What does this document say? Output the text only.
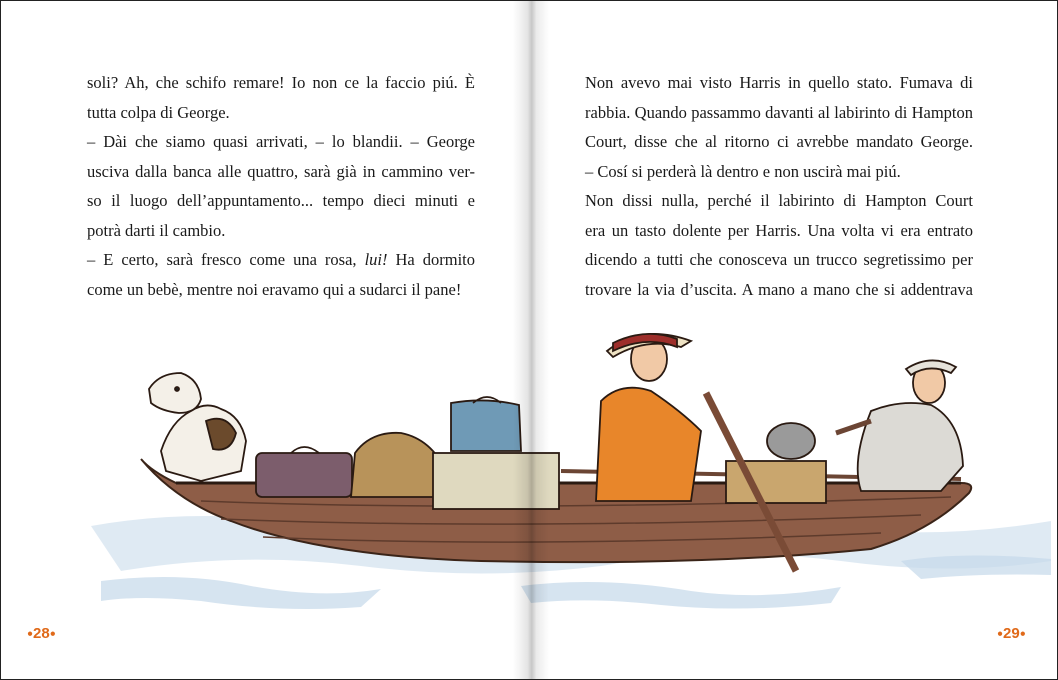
soli? Ah, che schifo remare! Io non ce la faccio piú. È

tutta colpa di George.

– Dài che siamo quasi arrivati, – lo blandii. – George

usciva dalla banca alle quattro, sarà già in cammino ver-

so il luogo dell’appuntamento... tempo dieci minuti e

potrà darti il cambio.

– E certo, sarà fresco come una rosa, lui! Ha dormito

come un bebè, mentre noi eravamo qui a sudarci il pane!

Non avevo mai visto Harris in quello stato. Fumava di

rabbia. Quando passammo davanti al labirinto di Hampton

Court, disse che al ritorno ci avrebbe mandato George.

– Cosí si perderà là dentro e non uscirà mai piú.

Non dissi nulla, perché il labirinto di Hampton Court

era un tasto dolente per Harris. Una volta vi era entrato

dicendo a tutti che conosceva un trucco segretissimo per

trovare la via d’uscita. A mano a mano che si addentrava

●28●	●29●
